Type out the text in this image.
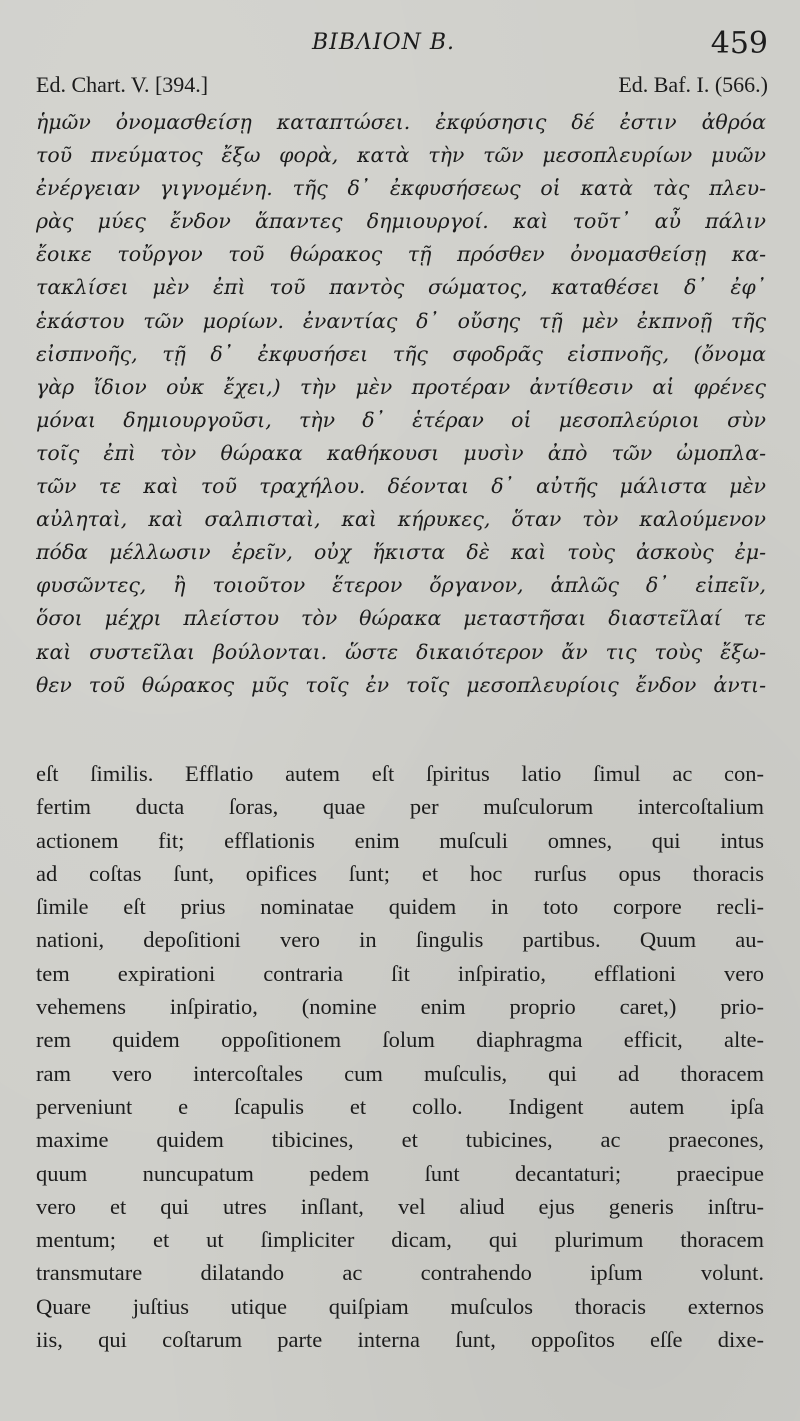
ΒΙΒΛΙΟΝ Β.	459
Ed. Chart. V. [394.]	Ed. Baf. I. (566.)
ἡμῶν ὀνομασθείσῃ καταπτώσει. ἐκφύσησις δέ ἐστιν ἀθρόα
τοῦ πνεύματος ἔξω φορὰ, κατὰ τὴν τῶν μεσοπλευρίων μυῶν
ἐνέργειαν γιγνομένη. τῆς δ᾽ ἐκφυσήσεως οἱ κατὰ τὰς πλευ-
ρὰς μύες ἔνδον ἅπαντες δημιουργοί. καὶ τοῦτ᾽ αὖ πάλιν
ἔοικε τοὔργον τοῦ θώρακος τῇ πρόσθεν ὀνομασθείσῃ κα-
τακλίσει μὲν ἐπὶ τοῦ παντὸς σώματος, καταθέσει δ᾽ ἐφ᾽
ἑκάστου τῶν μορίων. ἐναντίας δ᾽ οὔσης τῇ μὲν ἐκπνοῇ τῆς
εἰσπνοῆς, τῇ δ᾽ ἐκφυσήσει τῆς σφοδρᾶς εἰσπνοῆς, (ὄνομα
γὰρ ἴδιον οὐκ ἔχει,) τὴν μὲν προτέραν ἀντίθεσιν αἱ φρένες
μόναι δημιουργοῦσι, τὴν δ᾽ ἑτέραν οἱ μεσοπλεύριοι σὺν
τοῖς ἐπὶ τὸν θώρακα καθήκουσι μυσὶν ἀπὸ τῶν ὠμοπλα-
τῶν τε καὶ τοῦ τραχήλου. δέονται δ᾽ αὐτῆς μάλιστα μὲν
αὐληταὶ, καὶ σαλπισταὶ, καὶ κήρυκες, ὅταν τὸν καλούμενον
πόδα μέλλωσιν ἐρεῖν, οὐχ ἥκιστα δὲ καὶ τοὺς ἀσκοὺς ἐμ-
φυσῶντες, ἢ τοιοῦτον ἕτερον ὄργανον, ἁπλῶς δ᾽ εἰπεῖν,
ὅσοι μέχρι πλείστου τὸν θώρακα μεταστῆσαι διαστεῖλαί τε
καὶ συστεῖλαι βούλονται. ὥστε δικαιότερον ἄν τις τοὺς ἔξω-
θεν τοῦ θώρακος μῦς τοῖς ἐν τοῖς μεσοπλευρίοις ἔνδον ἀντι-
eſt ſimilis. Efflatio autem eſt ſpiritus latio ſimul ac con-
fertim ducta ſoras, quae per muſculorum intercoſtalium
actionem fit; efflationis enim muſculi omnes, qui intus
ad coſtas ſunt, opifices ſunt; et hoc rurſus opus thoracis
ſimile eſt prius nominatae quidem in toto corpore recli-
nationi, depoſitioni vero in ſingulis partibus. Quum au-
tem expirationi contraria ſit inſpiratio, efflationi vero
vehemens inſpiratio, (nomine enim proprio caret,) prio-
rem quidem oppoſitionem ſolum diaphragma efficit, alte-
ram vero intercoſtales cum muſculis, qui ad thoracem
perveniunt e ſcapulis et collo. Indigent autem ipſa
maxime quidem tibicines, et tubicines, ac praecones,
quum nuncupatum pedem ſunt decantaturi; praecipue
vero et qui utres inſlant, vel aliud ejus generis inſtru-
mentum; et ut ſimpliciter dicam, qui plurimum thoracem
transmutare dilatando ac contrahendo ipſum volunt.
Quare juſtius utique quiſpiam muſculos thoracis externos
iis, qui coſtarum parte interna ſunt, oppoſitos eſſe dixe-
